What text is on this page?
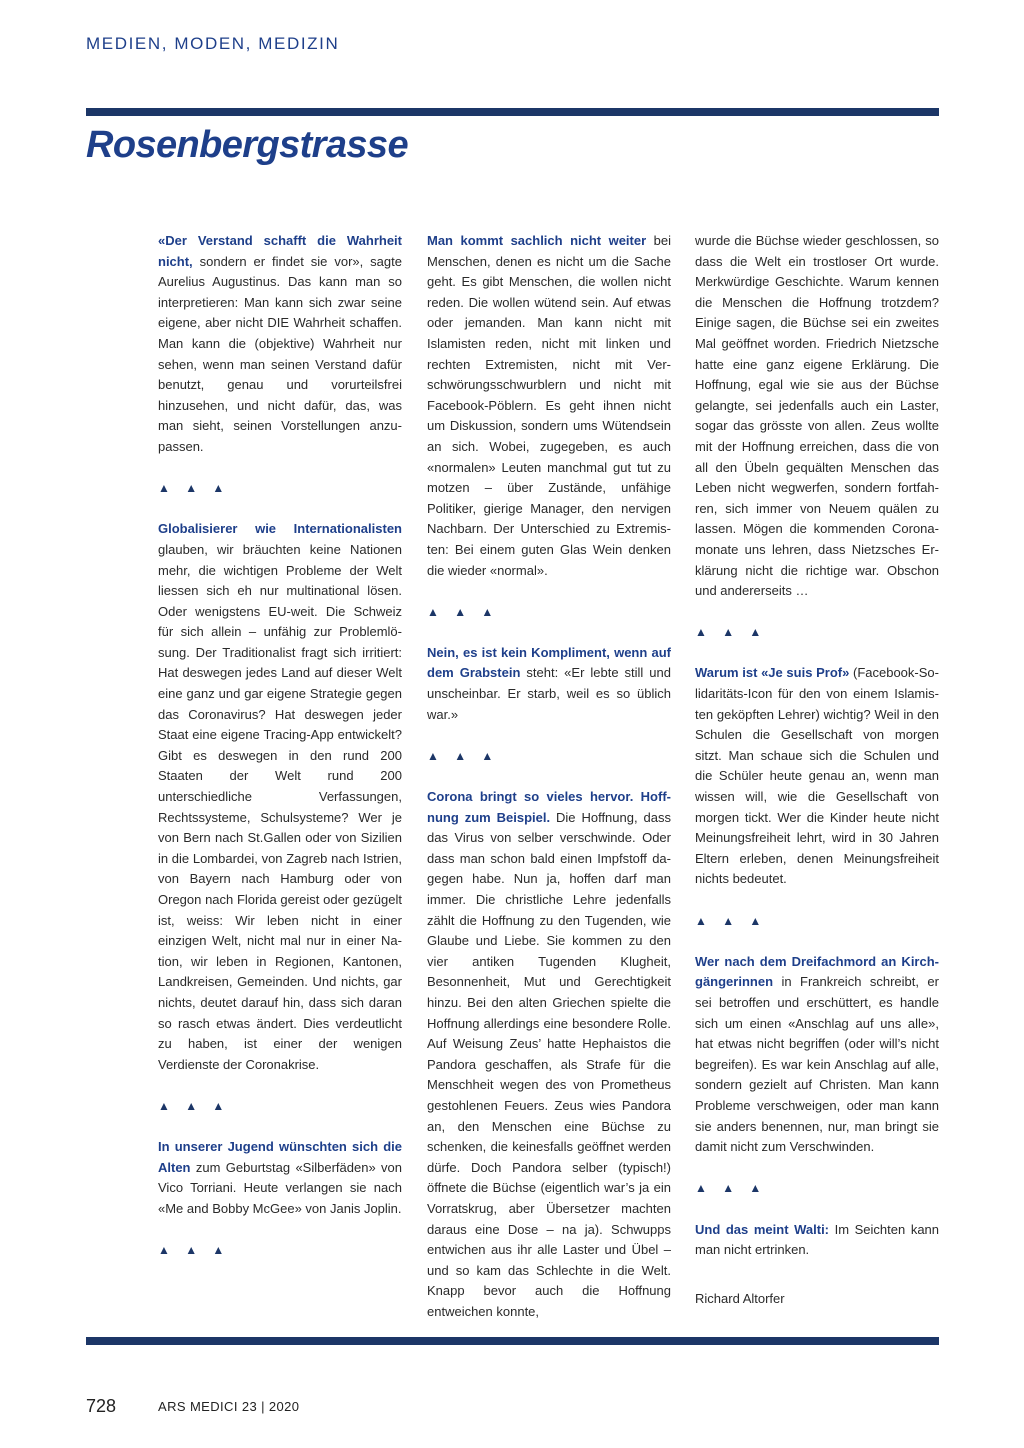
MEDIEN, MODEN, MEDIZIN
Rosenbergstrasse

«Der Verstand schafft die Wahrheit nicht, sondern er findet sie vor», sagte Aurelius Augustinus. Das kann man so interpretieren: Man kann sich zwar seine eigene, aber nicht DIE Wahrheit schaffen. Man kann die (objektive) Wahrheit nur sehen, wenn man seinen Verstand dafür benutzt, genau und vorurteilsfrei hinzusehen, und nicht dafür, das, was man sieht, seinen Vorstellungen anzupassen.

▲ ▲ ▲

Globalisierer wie Internationalisten glauben, wir bräuchten keine Nationen mehr, die wichtigen Probleme der Welt liessen sich eh nur multinational lösen. Oder wenigstens EU-weit. Die Schweiz für sich allein – unfähig zur Problemlösung. Der Traditionalist fragt sich irritiert: Hat deswegen jedes Land auf dieser Welt eine ganz und gar eigene Strategie gegen das Coronavirus? Hat deswegen jeder Staat eine eigene Tracing-App entwickelt? Gibt es deswegen in den rund 200 Staaten der Welt rund 200 unterschiedliche Verfassungen, Rechtssysteme, Schulsysteme? Wer je von Bern nach St.Gallen oder von Sizilien in die Lombardei, von Zagreb nach Istrien, von Bayern nach Hamburg oder von Oregon nach Florida gereist oder gezügelt ist, weiss: Wir leben nicht in einer einzigen Welt, nicht mal nur in einer Nation, wir leben in Regionen, Kantonen, Landkreisen, Gemeinden. Und nichts, gar nichts, deutet darauf hin, dass sich daran so rasch etwas ändert. Dies verdeutlicht zu haben, ist einer der wenigen Verdienste der Coronakrise.

▲ ▲ ▲

In unserer Jugend wünschten sich die Alten zum Geburtstag «Silberfäden» von Vico Torriani. Heute verlangen sie nach «Me and Bobby McGee» von Janis Joplin.

▲ ▲ ▲

Man kommt sachlich nicht weiter bei Menschen, denen es nicht um die Sache geht. Es gibt Menschen, die wollen nicht reden. Die wollen wütend sein. Auf etwas oder jemanden. Man kann nicht mit Islamisten reden, nicht mit linken und rechten Extremisten, nicht mit Verschwörungsschwurblern und nicht mit Facebook-Pöblern. Es geht ihnen nicht um Diskussion, sondern ums Wütendsein an sich. Wobei, zugegeben, es auch «normalen» Leuten manchmal gut tut zu motzen – über Zustände, unfähige Politiker, gierige Manager, den nervigen Nachbarn. Der Unterschied zu Extremisten: Bei einem guten Glas Wein denken die wieder «normal».

▲ ▲ ▲

Nein, es ist kein Kompliment, wenn auf dem Grabstein steht: «Er lebte still und unscheinbar. Er starb, weil es so üblich war.»

▲ ▲ ▲

Corona bringt so vieles hervor. Hoffnung zum Beispiel. Die Hoffnung, dass das Virus von selber verschwinde. Oder dass man schon bald einen Impfstoff dagegen habe. Nun ja, hoffen darf man immer. Die christliche Lehre jedenfalls zählt die Hoffnung zu den Tugenden, wie Glaube und Liebe. Sie kommen zu den vier antiken Tugenden Klugheit, Besonnenheit, Mut und Gerechtigkeit hinzu. Bei den alten Griechen spielte die Hoffnung allerdings eine besondere Rolle. Auf Weisung Zeus’ hatte Hephaistos die Pandora geschaffen, als Strafe für die Menschheit wegen des von Prometheus gestohlenen Feuers. Zeus wies Pandora an, den Menschen eine Büchse zu schenken, die keinesfalls geöffnet werden dürfe. Doch Pandora selber (typisch!) öffnete die Büchse (eigentlich war’s ja ein Vorratskrug, aber Übersetzer machten daraus eine Dose – na ja). Schwupps entwichen aus ihr alle Laster und Übel – und so kam das Schlechte in die Welt. Knapp bevor auch die Hoffnung entweichen konnte,

wurde die Büchse wieder geschlossen, so dass die Welt ein trostloser Ort wurde. Merkwürdige Geschichte. Warum kennen die Menschen die Hoffnung trotzdem? Einige sagen, die Büchse sei ein zweites Mal geöffnet worden. Friedrich Nietzsche hatte eine ganz eigene Erklärung. Die Hoffnung, egal wie sie aus der Büchse gelangte, sei jedenfalls auch ein Laster, sogar das grösste von allen. Zeus wollte mit der Hoffnung erreichen, dass die von all den Übeln gequälten Menschen das Leben nicht wegwerfen, sondern fortfahren, sich immer von Neuem quälen zu lassen. Mögen die kommenden Coronamonate uns lehren, dass Nietzsches Erklärung nicht die richtige war. Obschon und andererseits …

▲ ▲ ▲

Warum ist «Je suis Prof» (Facebook-Solidaritäts-Icon für den von einem Islamisten geköpften Lehrer) wichtig? Weil in den Schulen die Gesellschaft von morgen sitzt. Man schaue sich die Schulen und die Schüler heute genau an, wenn man wissen will, wie die Gesellschaft von morgen tickt. Wer die Kinder heute nicht Meinungsfreiheit lehrt, wird in 30 Jahren Eltern erleben, denen Meinungsfreiheit nichts bedeutet.

▲ ▲ ▲

Wer nach dem Dreifachmord an Kirchgängerinnen in Frankreich schreibt, er sei betroffen und erschüttert, es handle sich um einen «Anschlag auf uns alle», hat etwas nicht begriffen (oder will’s nicht begreifen). Es war kein Anschlag auf alle, sondern gezielt auf Christen. Man kann Probleme verschweigen, oder man kann sie anders benennen, nur, man bringt sie damit nicht zum Verschwinden.

▲ ▲ ▲

Und das meint Walti: Im Seichten kann man nicht ertrinken.

Richard Altorfer

728	ARS MEDICI 23 | 2020
